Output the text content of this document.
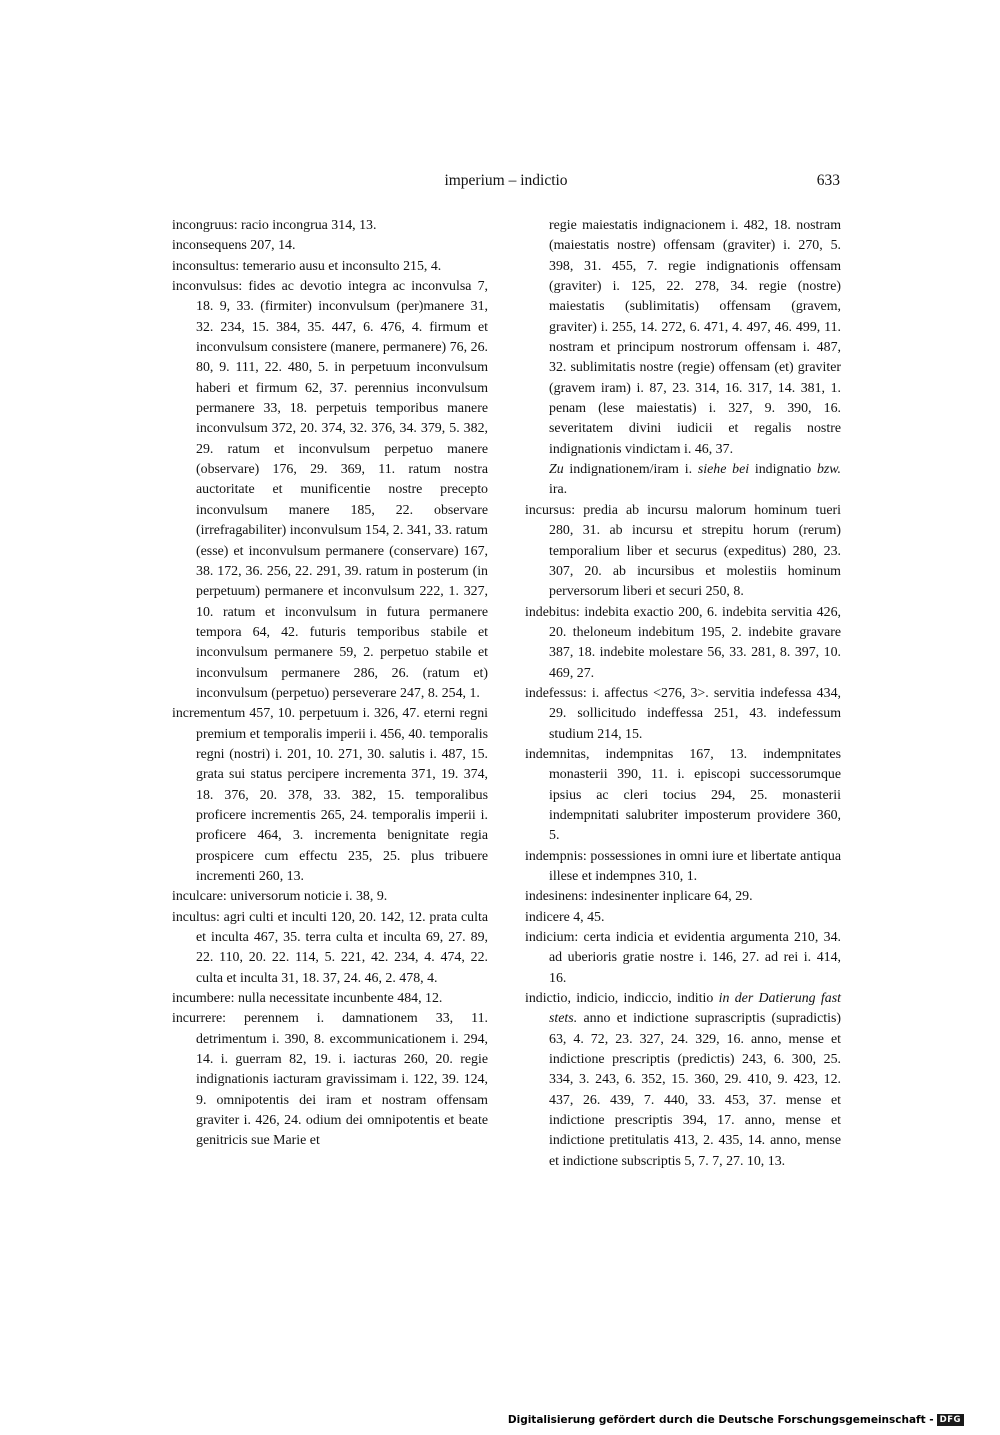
imperium – indictio	633
incongruus: racio incongrua 314, 13.
inconsequens 207, 14.
inconsultus: temerario ausu et inconsulto 215, 4.
inconvulsus: fides ac devotio integra ac inconvulsa 7, 18. 9, 33. (firmiter) inconvulsum (per)manere 31, 32. 234, 15. 384, 35. 447, 6. 476, 4. firmum et inconvulsum consistere (manere, permanere) 76, 26. 80, 9. 111, 22. 480, 5. in perpetuum inconvulsum haberi et firmum 62, 37. perennius inconvulsum permanere 33, 18. perpetuis temporibus manere inconvulsum 372, 20. 374, 32. 376, 34. 379, 5. 382, 29. ratum et inconvulsum perpetuo manere (observare) 176, 29. 369, 11. ratum nostra auctoritate et munificentie nostre precepto inconvulsum manere 185, 22. observare (irrefragabiliter) inconvulsum 154, 2. 341, 33. ratum (esse) et inconvulsum permanere (conservare) 167, 38. 172, 36. 256, 22. 291, 39. ratum in posterum (in perpetuum) permanere et inconvulsum 222, 1. 327, 10. ratum et inconvulsum in futura permanere tempora 64, 42. futuris temporibus stabile et inconvulsum permanere 59, 2. perpetuo stabile et inconvulsum permanere 286, 26. (ratum et) inconvulsum (perpetuo) perseverare 247, 8. 254, 1.
incrementum 457, 10. perpetuum i. 326, 47. eterni regni premium et temporalis imperii i. 456, 40. temporalis regni (nostri) i. 201, 10. 271, 30. salutis i. 487, 15. grata sui status percipere incrementa 371, 19. 374, 18. 376, 20. 378, 33. 382, 15. temporalibus proficere incrementis 265, 24. temporalis imperii i. proficere 464, 3. incrementa benignitate regia prospicere cum effectu 235, 25. plus tribuere incrementi 260, 13.
inculcare: universorum noticie i. 38, 9.
incultus: agri culti et inculti 120, 20. 142, 12. prata culta et inculta 467, 35. terra culta et inculta 69, 27. 89, 22. 110, 20. 22. 114, 5. 221, 42. 234, 4. 474, 22. culta et inculta 31, 18. 37, 24. 46, 2. 478, 4.
incumbere: nulla necessitate incunbente 484, 12.
incurrere: perennem i. damnationem 33, 11. detrimentum i. 390, 8. excommunicationem i. 294, 14. i. guerram 82, 19. i. iacturas 260, 20. regie indignationis iacturam gravissimam i. 122, 39. 124, 9. omnipotentis dei iram et nostram offensam graviter i. 426, 24. odium dei omnipotentis et beate genitricis sue Marie et
regie maiestatis indignacionem i. 482, 18. nostram (maiestatis nostre) offensam (graviter) i. 270, 5. 398, 31. 455, 7. regie indignationis offensam (graviter) i. 125, 22. 278, 34. regie (nostre) maiestatis (sublimitatis) offensam (gravem, graviter) i. 255, 14. 272, 6. 471, 4. 497, 46. 499, 11. nostram et principum nostrorum offensam i. 487, 32. sublimitatis nostre (regie) offensam (et) graviter (gravem iram) i. 87, 23. 314, 16. 317, 14. 381, 1. penam (lese maiestatis) i. 327, 9. 390, 16. severitatem divini iudicii et regalis nostre indignationis vindictam i. 46, 37.
Zu indignationem/iram i. siehe bei indignatio bzw. ira.
incursus: predia ab incursu malorum hominum tueri 280, 31. ab incursu et strepitu horum (rerum) temporalium liber et securus (expeditus) 280, 23. 307, 20. ab incursibus et molestiis hominum perversorum liberi et securi 250, 8.
indebitus: indebita exactio 200, 6. indebita servitia 426, 20. theloneum indebitum 195, 2. indebite gravare 387, 18. indebite molestare 56, 33. 281, 8. 397, 10. 469, 27.
indefessus: i. affectus <276, 3>. servitia indefessa 434, 29. sollicitudo indeffessa 251, 43. indefessum studium 214, 15.
indemnitas, indempnitas 167, 13. indempnitates monasterii 390, 11. i. episcopi successorumque ipsius ac cleri tocius 294, 25. monasterii indempnitati salubriter imposterum providere 360, 5.
indempnis: possessiones in omni iure et libertate antiqua illese et indempnes 310, 1.
indesinens: indesinenter inplicare 64, 29.
indicere 4, 45.
indicium: certa indicia et evidentia argumenta 210, 34. ad uberioris gratie nostre i. 146, 27. ad rei i. 414, 16.
indictio, indicio, indiccio, inditio in der Datierung fast stets. anno et indictione suprascriptis (supradictis) 63, 4. 72, 23. 327, 24. 329, 16. anno, mense et indictione prescriptis (predictis) 243, 6. 300, 25. 334, 3. 243, 6. 352, 15. 360, 29. 410, 9. 423, 12. 437, 26. 439, 7. 440, 33. 453, 37. mense et indictione prescriptis 394, 17. anno, mense et indictione pretitulatis 413, 2. 435, 14. anno, mense et indictione subscriptis 5, 7. 7, 27. 10, 13.
Digitalisierung gefördert durch die Deutsche Forschungsgemeinschaft - DFG
